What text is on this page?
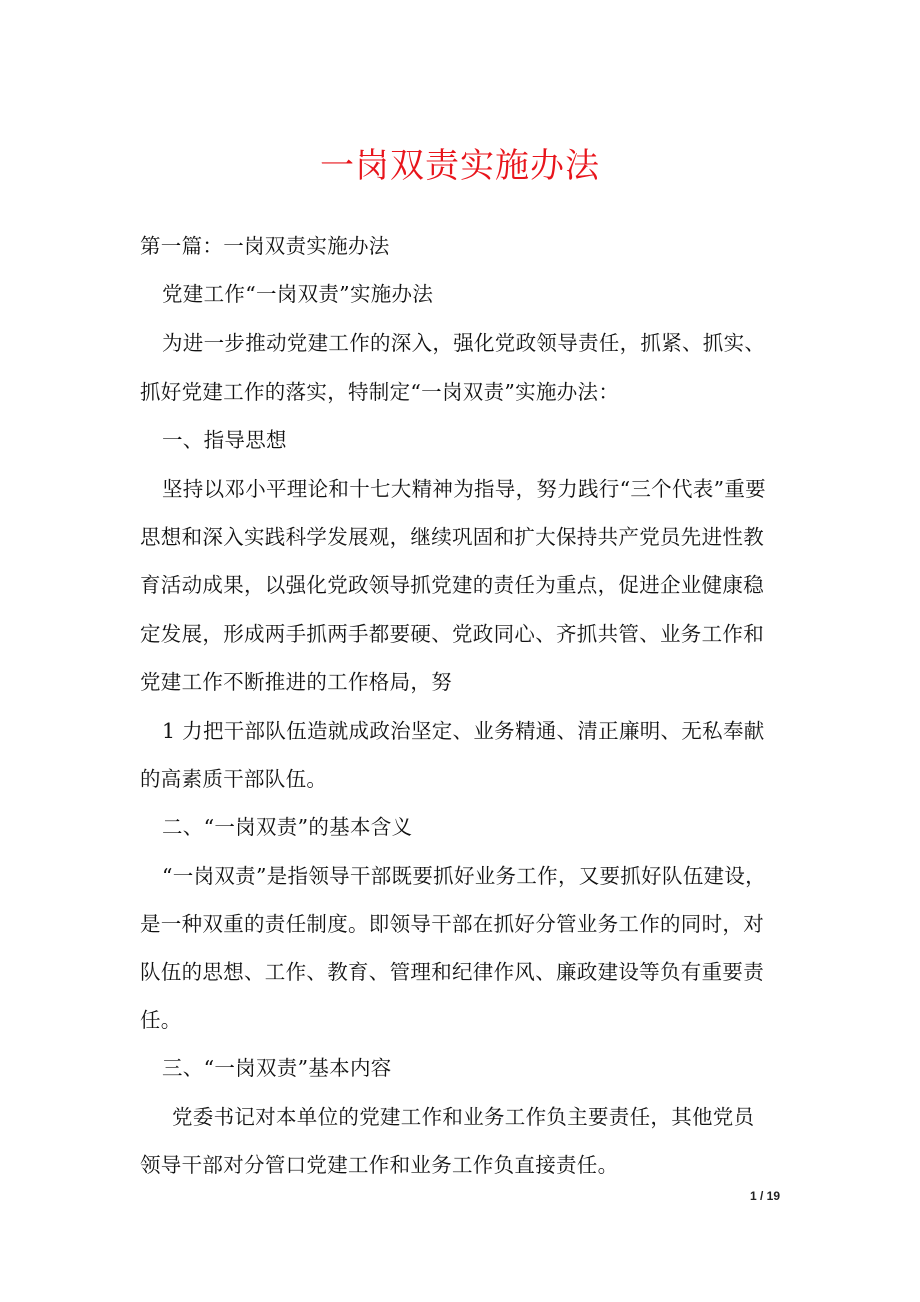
一岗双责实施办法
第一篇：一岗双责实施办法
党建工作“一岗双责”实施办法
为进一步推动党建工作的深入，强化党政领导责任，抓紧、抓实、
抓好党建工作的落实，特制定“一岗双责”实施办法：
一、指导思想
坚持以邓小平理论和十七大精神为指导，努力践行“三个代表”重要
思想和深入实践科学发展观，继续巩固和扩大保持共产党员先进性教
育活动成果，以强化党政领导抓党建的责任为重点，促进企业健康稳
定发展，形成两手抓两手都要硬、党政同心、齐抓共管、业务工作和
党建工作不断推进的工作格局，努
1 力把干部队伍造就成政治坚定、业务精通、清正廉明、无私奉献
的高素质干部队伍。
二、“一岗双责”的基本含义
“一岗双责”是指领导干部既要抓好业务工作，又要抓好队伍建设，
是一种双重的责任制度。即领导干部在抓好分管业务工作的同时，对
队伍的思想、工作、教育、管理和纪律作风、廉政建设等负有重要责
任。
三、“一岗双责”基本内容
党委书记对本单位的党建工作和业务工作负主要责任，其他党员
领导干部对分管口党建工作和业务工作负直接责任。
1 / 19
